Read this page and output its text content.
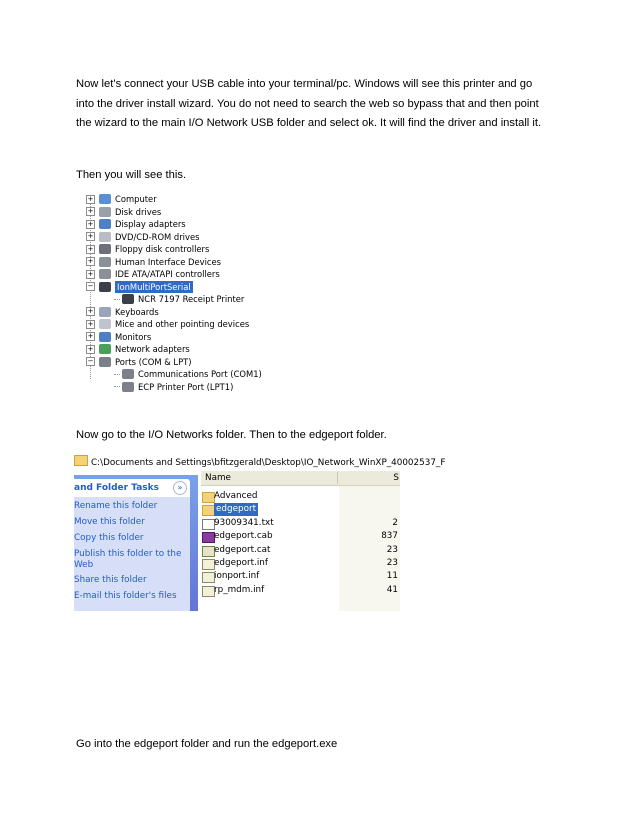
Now let’s connect your USB cable into your terminal/pc. Windows will see this printer and go
into the driver install wizard. You do not need to search the web so bypass that and then point
the wizard to the main I/O Network USB folder and select ok. It will find the driver and install it.
Then you will see this.
+	Computer
+	Disk drives
+	Display adapters
+	DVD/CD-ROM drives
+	Floppy disk controllers
+	Human Interface Devices
+	IDE ATA/ATAPI controllers
−	IonMultiPortSerial
NCR 7197 Receipt Printer
+	Keyboards
+	Mice and other pointing devices
+	Monitors
+	Network adapters
−	Ports (COM & LPT)
Communications Port (COM1)
ECP Printer Port (LPT1)
Now go to the I/O Networks folder. Then to the edgeport folder.
C:\Documents and Settings\bfitzgerald\Desktop\IO_Network_WinXP_40002537_F
and Folder Tasks	»
Rename this folder
Move this folder
Copy this folder
Publish this folder to the Web
Share this folder
E-mail this folder's files
Name	S
Advanced
edgeport
93009341.txt	2
edgeport.cab	837
edgeport.cat	23
edgeport.inf	23
ionport.inf	11
rp_mdm.inf	41
Go into the edgeport folder and run the edgeport.exe
